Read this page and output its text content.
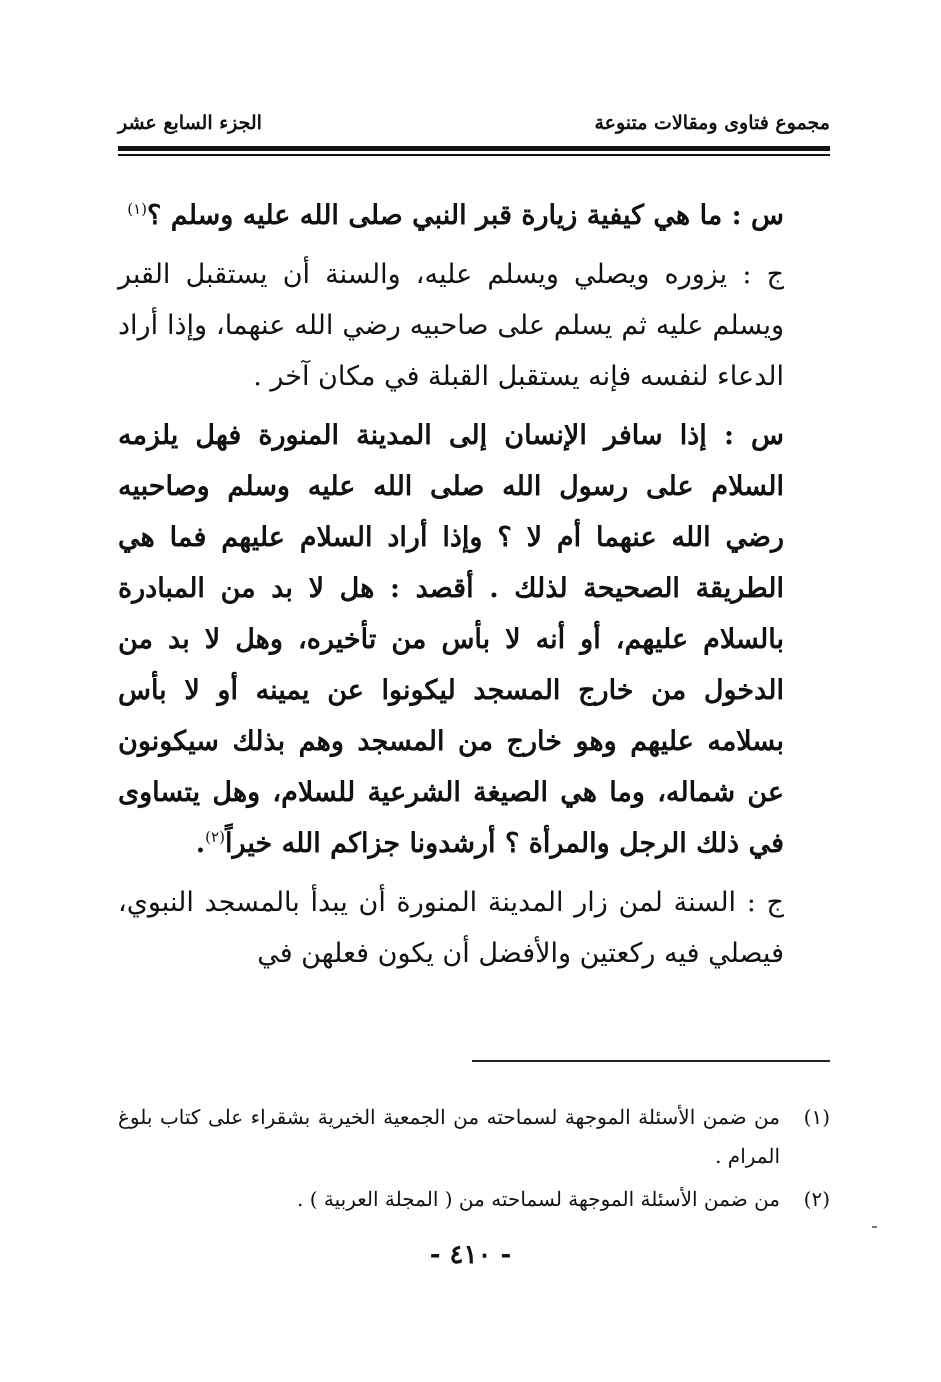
مجموع فتاوى ومقالات متنوعة
الجزء السابع عشر

س : ما هي كيفية زيارة قبر النبي صلى الله عليه وسلم ؟$^{(١)}$

ج : يزوره ويصلي ويسلم عليه، والسنة أن يستقبل القبر ويسلم عليه ثم يسلم على صاحبيه رضي الله عنهما، وإذا أراد الدعاء لنفسه فإنه يستقبل القبلة في مكان آخر .

س : إذا سافر الإنسان إلى المدينة المنورة فهل يلزمه السلام على رسول الله صلى الله عليه وسلم وصاحبيه رضي الله عنهما أم لا ؟ وإذا أراد السلام عليهم فما هي الطريقة الصحيحة لذلك . أقصد : هل لا بد من المبادرة بالسلام عليهم، أو أنه لا بأس من تأخيره، وهل لا بد من الدخول من خارج المسجد ليكونوا عن يمينه أو لا بأس بسلامه عليهم وهو خارج من المسجد وهم بذلك سيكونون عن شماله، وما هي الصيغة الشرعية للسلام، وهل يتساوى في ذلك الرجل والمرأة ؟ أرشدونا جزاكم الله خيراً$^{(٢)}$.

ج : السنة لمن زار المدينة المنورة أن يبدأ بالمسجد النبوي، فيصلي فيه ركعتين والأفضل أن يكون فعلهن في

(١)
من ضمن الأسئلة الموجهة لسماحته من الجمعية الخيرية بشقراء على كتاب بلوغ المرام .
(٢)
من ضمن الأسئلة الموجهة لسماحته من ( المجلة العربية ) .
- ٤١٠ -
